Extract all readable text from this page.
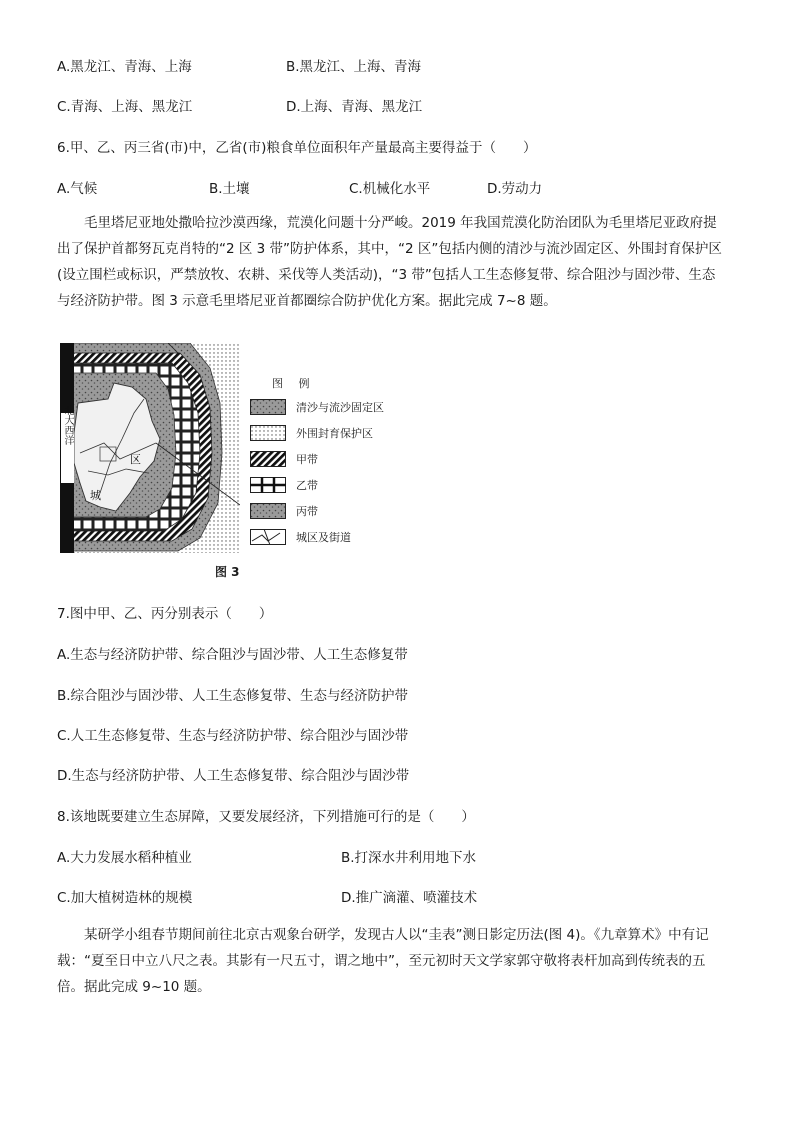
A.黑龙江、青海、上海	B.黑龙江、上海、青海
C.青海、上海、黑龙江	D.上海、青海、黑龙江
6.甲、乙、丙三省(市)中，乙省(市)粮食单位面积年产量最高主要得益于（　　）
A.气候	B.土壤	C.机械化水平	D.劳动力
毛里塔尼亚地处撒哈拉沙漠西缘，荒漠化问题十分严峻。2019 年我国荒漠化防治团队为毛里塔尼亚政府提
出了保护首都努瓦克肖特的“2 区 3 带”防护体系，其中，“2 区”包括内侧的清沙与流沙固定区、外围封育保护区
(设立围栏或标识，严禁放牧、农耕、采伐等人类活动)，“3 带”包括人工生态修复带、综合阻沙与固沙带、生态
与经济防护带。图 3 示意毛里塔尼亚首都圈综合防护优化方案。据此完成 7~8 题。
北大西洋
区
城
图 例
清沙与流沙固定区
外围封育保护区
甲带
乙带
丙带
城区及街道
图 3
7.图中甲、乙、丙分别表示（　　）
A.生态与经济防护带、综合阻沙与固沙带、人工生态修复带
B.综合阻沙与固沙带、人工生态修复带、生态与经济防护带
C.人工生态修复带、生态与经济防护带、综合阻沙与固沙带
D.生态与经济防护带、人工生态修复带、综合阻沙与固沙带
8.该地既要建立生态屏障，又要发展经济，下列措施可行的是（　　）
A.大力发展水稻种植业	B.打深水井利用地下水
C.加大植树造林的规模	D.推广滴灌、喷灌技术
某研学小组春节期间前往北京古观象台研学，发现古人以“圭表”测日影定历法(图 4)。《九章算术》中有记
载：“夏至日中立八尺之表。其影有一尺五寸，谓之地中”，至元初时天文学家郭守敬将表杆加高到传统表的五
倍。据此完成 9~10 题。
